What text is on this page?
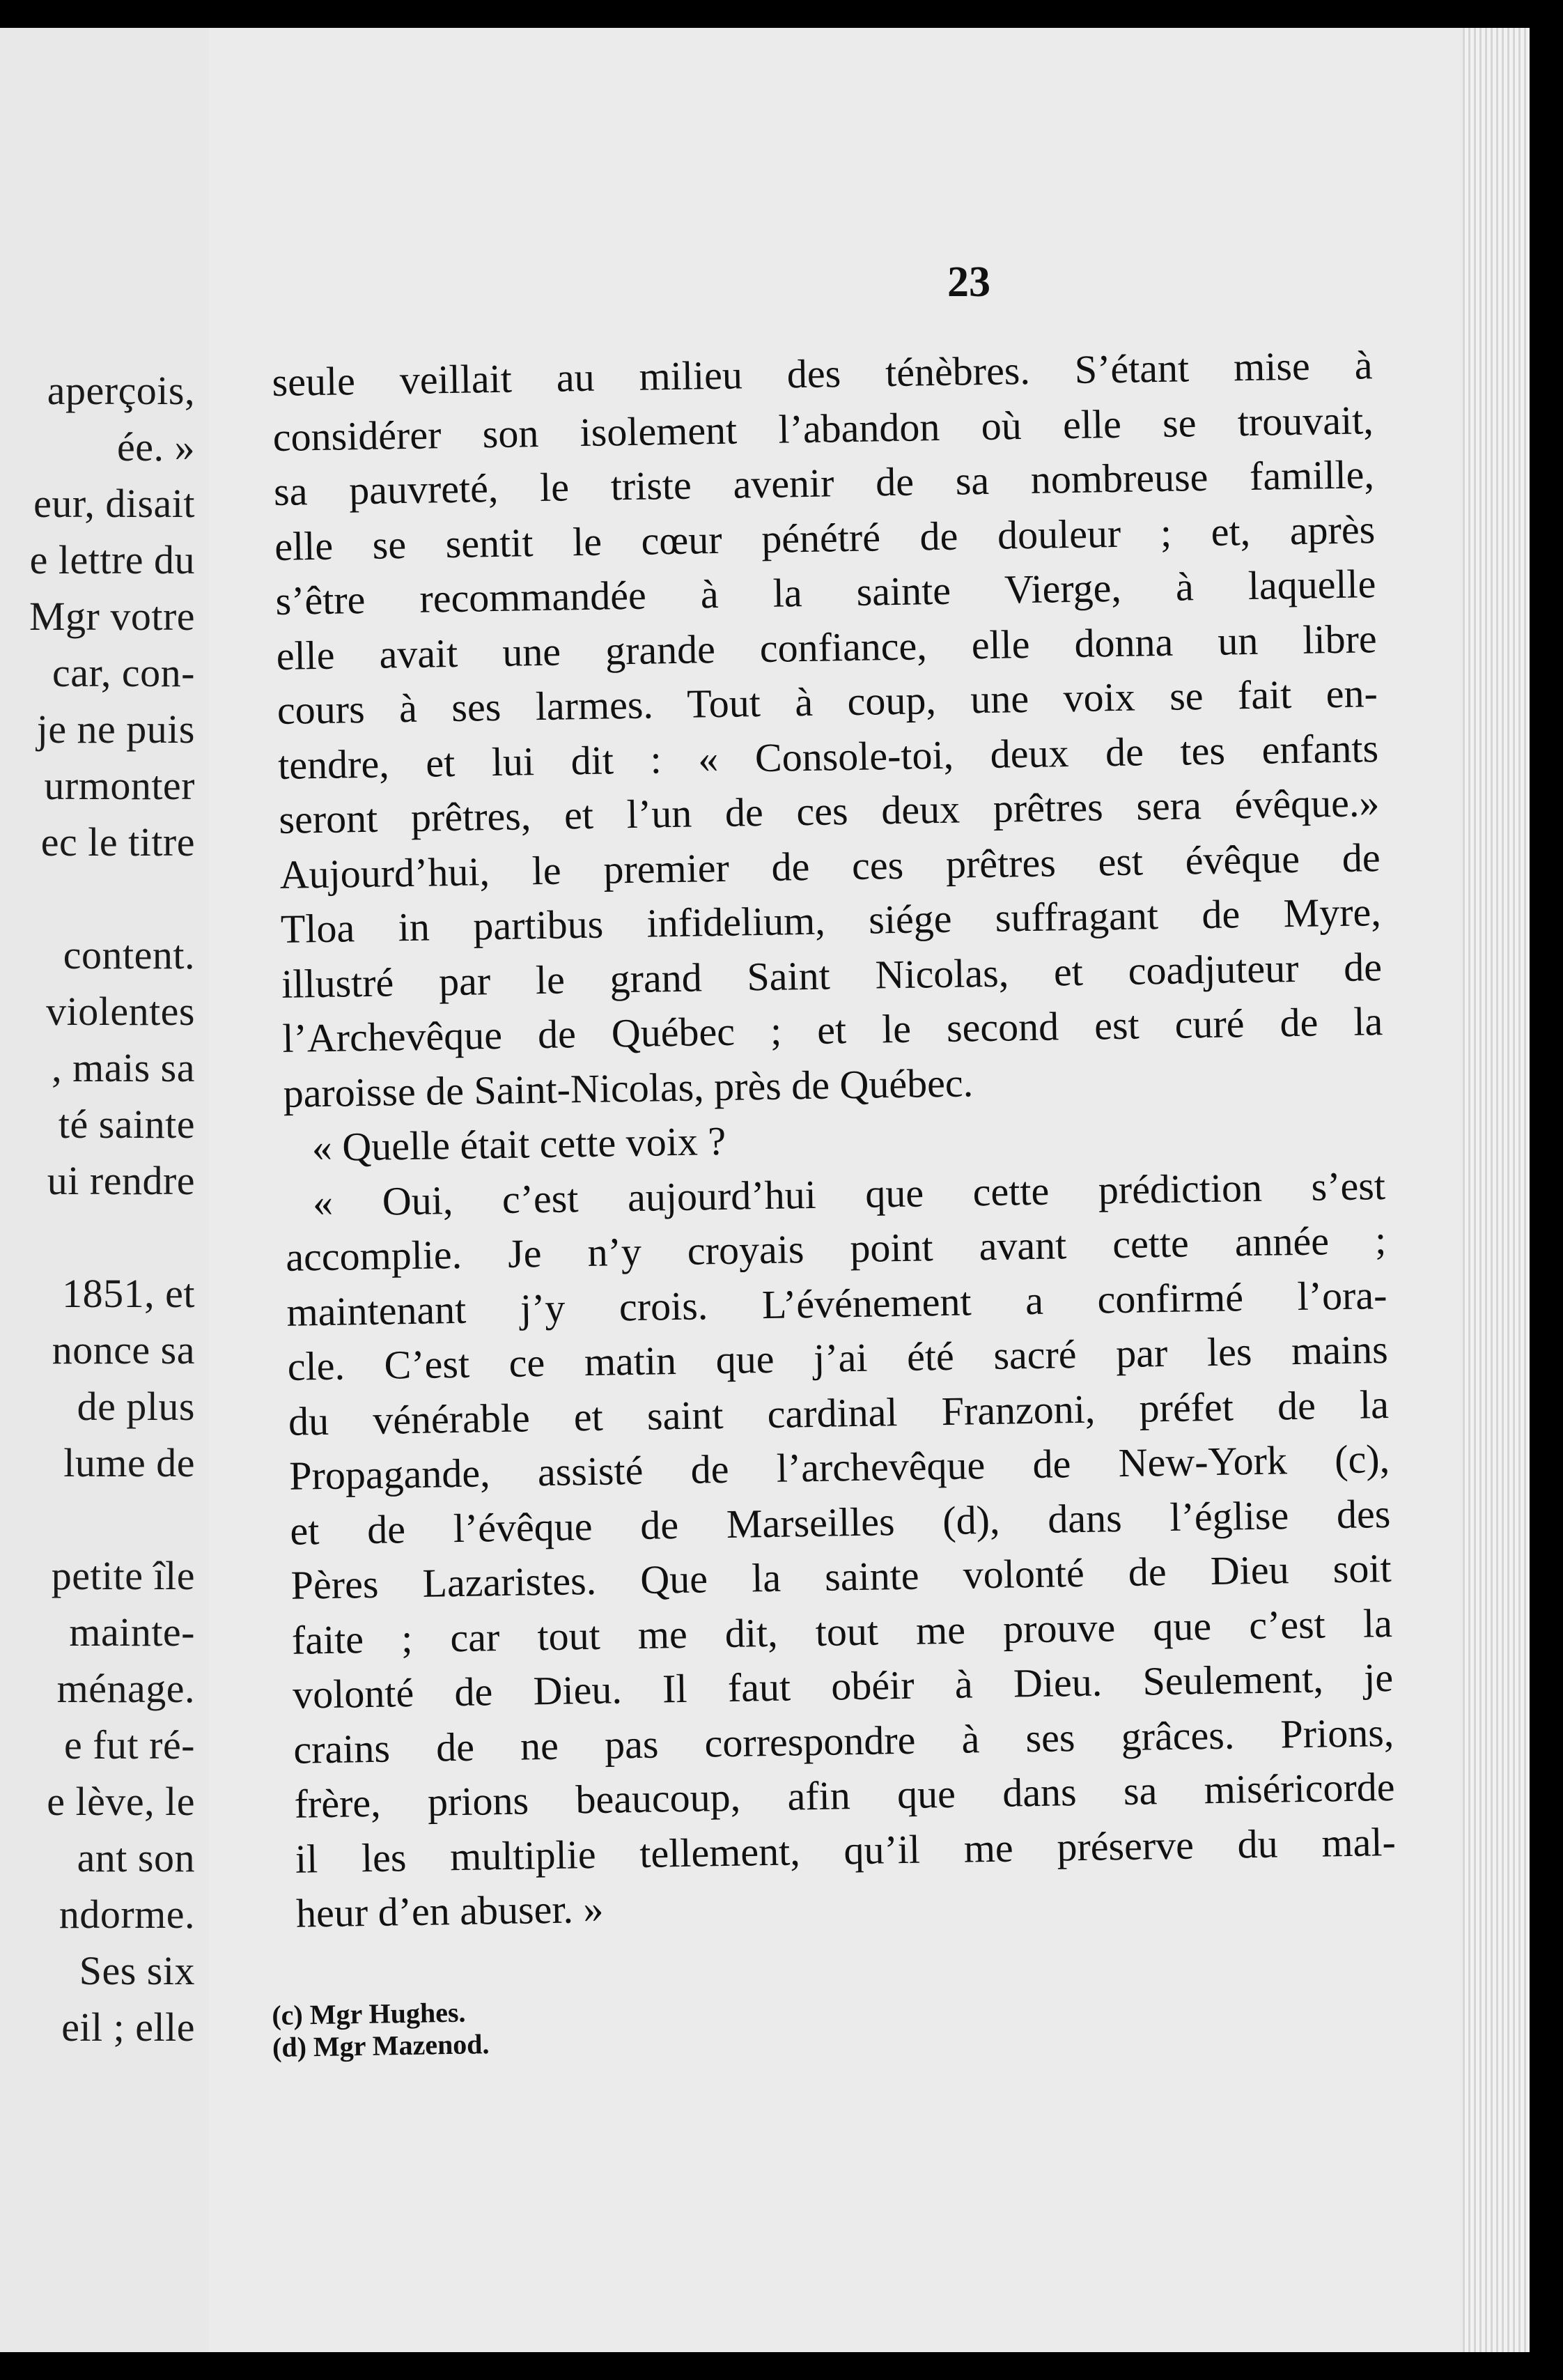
aperçois,
ée. »
eur, disait
e lettre du
Mgr votre
car, con-
je ne puis
urmonter
ec le titre
content.
violentes
, mais sa
té sainte
ui rendre
1851, et
nonce sa
de plus
lume de
petite île
mainte-
ménage.
e fut ré-
e lève, le
ant son
ndorme.
Ses six
eil ; elle
23
seule veillait au milieu des ténèbres. S’étant mise à
considérer son isolement l’abandon où elle se trouvait,
sa pauvreté, le triste avenir de sa nombreuse famille,
elle se sentit le cœur pénétré de douleur ; et, après
s’être recommandée à la sainte Vierge, à laquelle
elle avait une grande confiance, elle donna un libre
cours à ses larmes. Tout à coup, une voix se fait en-
tendre, et lui dit : « Console-toi, deux de tes enfants
seront prêtres, et l’un de ces deux prêtres sera évêque.»
Aujourd’hui, le premier de ces prêtres est évêque de
Tloa in partibus infidelium, siége suffragant de Myre,
illustré par le grand Saint Nicolas, et coadjuteur de
l’Archevêque de Québec ; et le second est curé de la
paroisse de Saint-Nicolas, près de Québec.
« Quelle était cette voix ?
« Oui, c’est aujourd’hui que cette prédiction s’est
accomplie. Je n’y croyais point avant cette année ;
maintenant j’y crois. L’événement a confirmé l’ora-
cle. C’est ce matin que j’ai été sacré par les mains
du vénérable et saint cardinal Franzoni, préfet de la
Propagande, assisté de l’archevêque de New-York (c),
et de l’évêque de Marseilles (d), dans l’église des
Pères Lazaristes. Que la sainte volonté de Dieu soit
faite ; car tout me dit, tout me prouve que c’est la
volonté de Dieu. Il faut obéir à Dieu. Seulement, je
crains de ne pas correspondre à ses grâces. Prions,
frère, prions beaucoup, afin que dans sa miséricorde
il les multiplie tellement, qu’il me préserve du mal-
heur d’en abuser. »
(c) Mgr Hughes.
(d) Mgr Mazenod.
